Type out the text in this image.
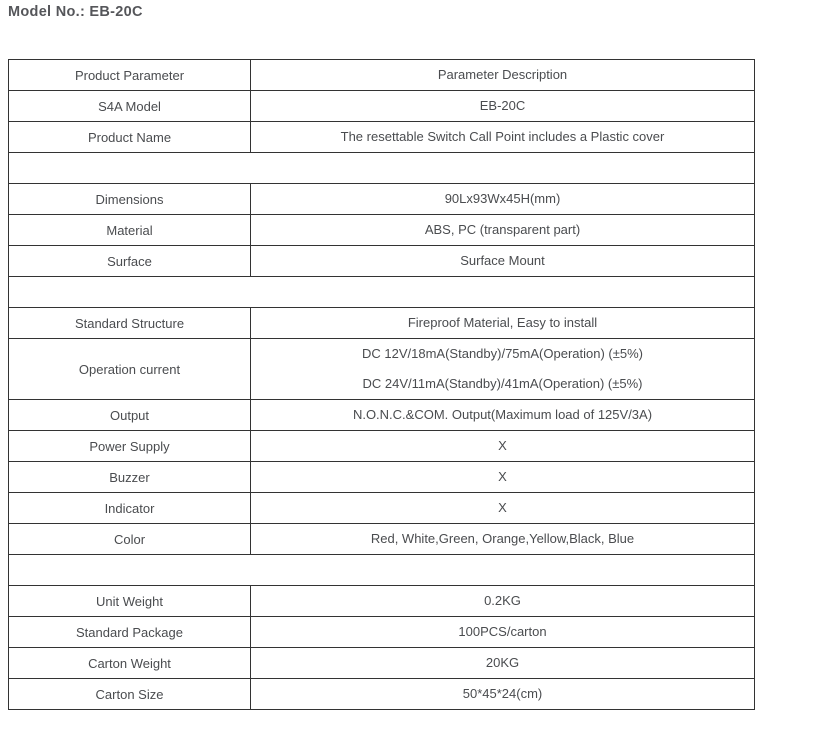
Model No.: EB-20C
Product Parameter	Parameter Description

S4A Model	EB-20C

Product Name	The resettable Switch Call Point includes a Plastic cover

Dimensions	90Lx93Wx45H(mm)

Material	ABS, PC (transparent part)

Surface	Surface Mount

Standard Structure	Fireproof Material, Easy to install

Operation current	DC 12V/18mA(Standby)/75mA(Operation) (±5%)
DC 24V/11mA(Standby)/41mA(Operation) (±5%)

Output	N.O.N.C.&COM. Output(Maximum load of 125V/3A)

Power Supply	X

Buzzer	X

Indicator	X

Color	Red, White,Green, Orange,Yellow,Black, Blue

Unit Weight	0.2KG

Standard Package	100PCS/carton

Carton Weight	20KG

Carton Size	50*45*24(cm)
